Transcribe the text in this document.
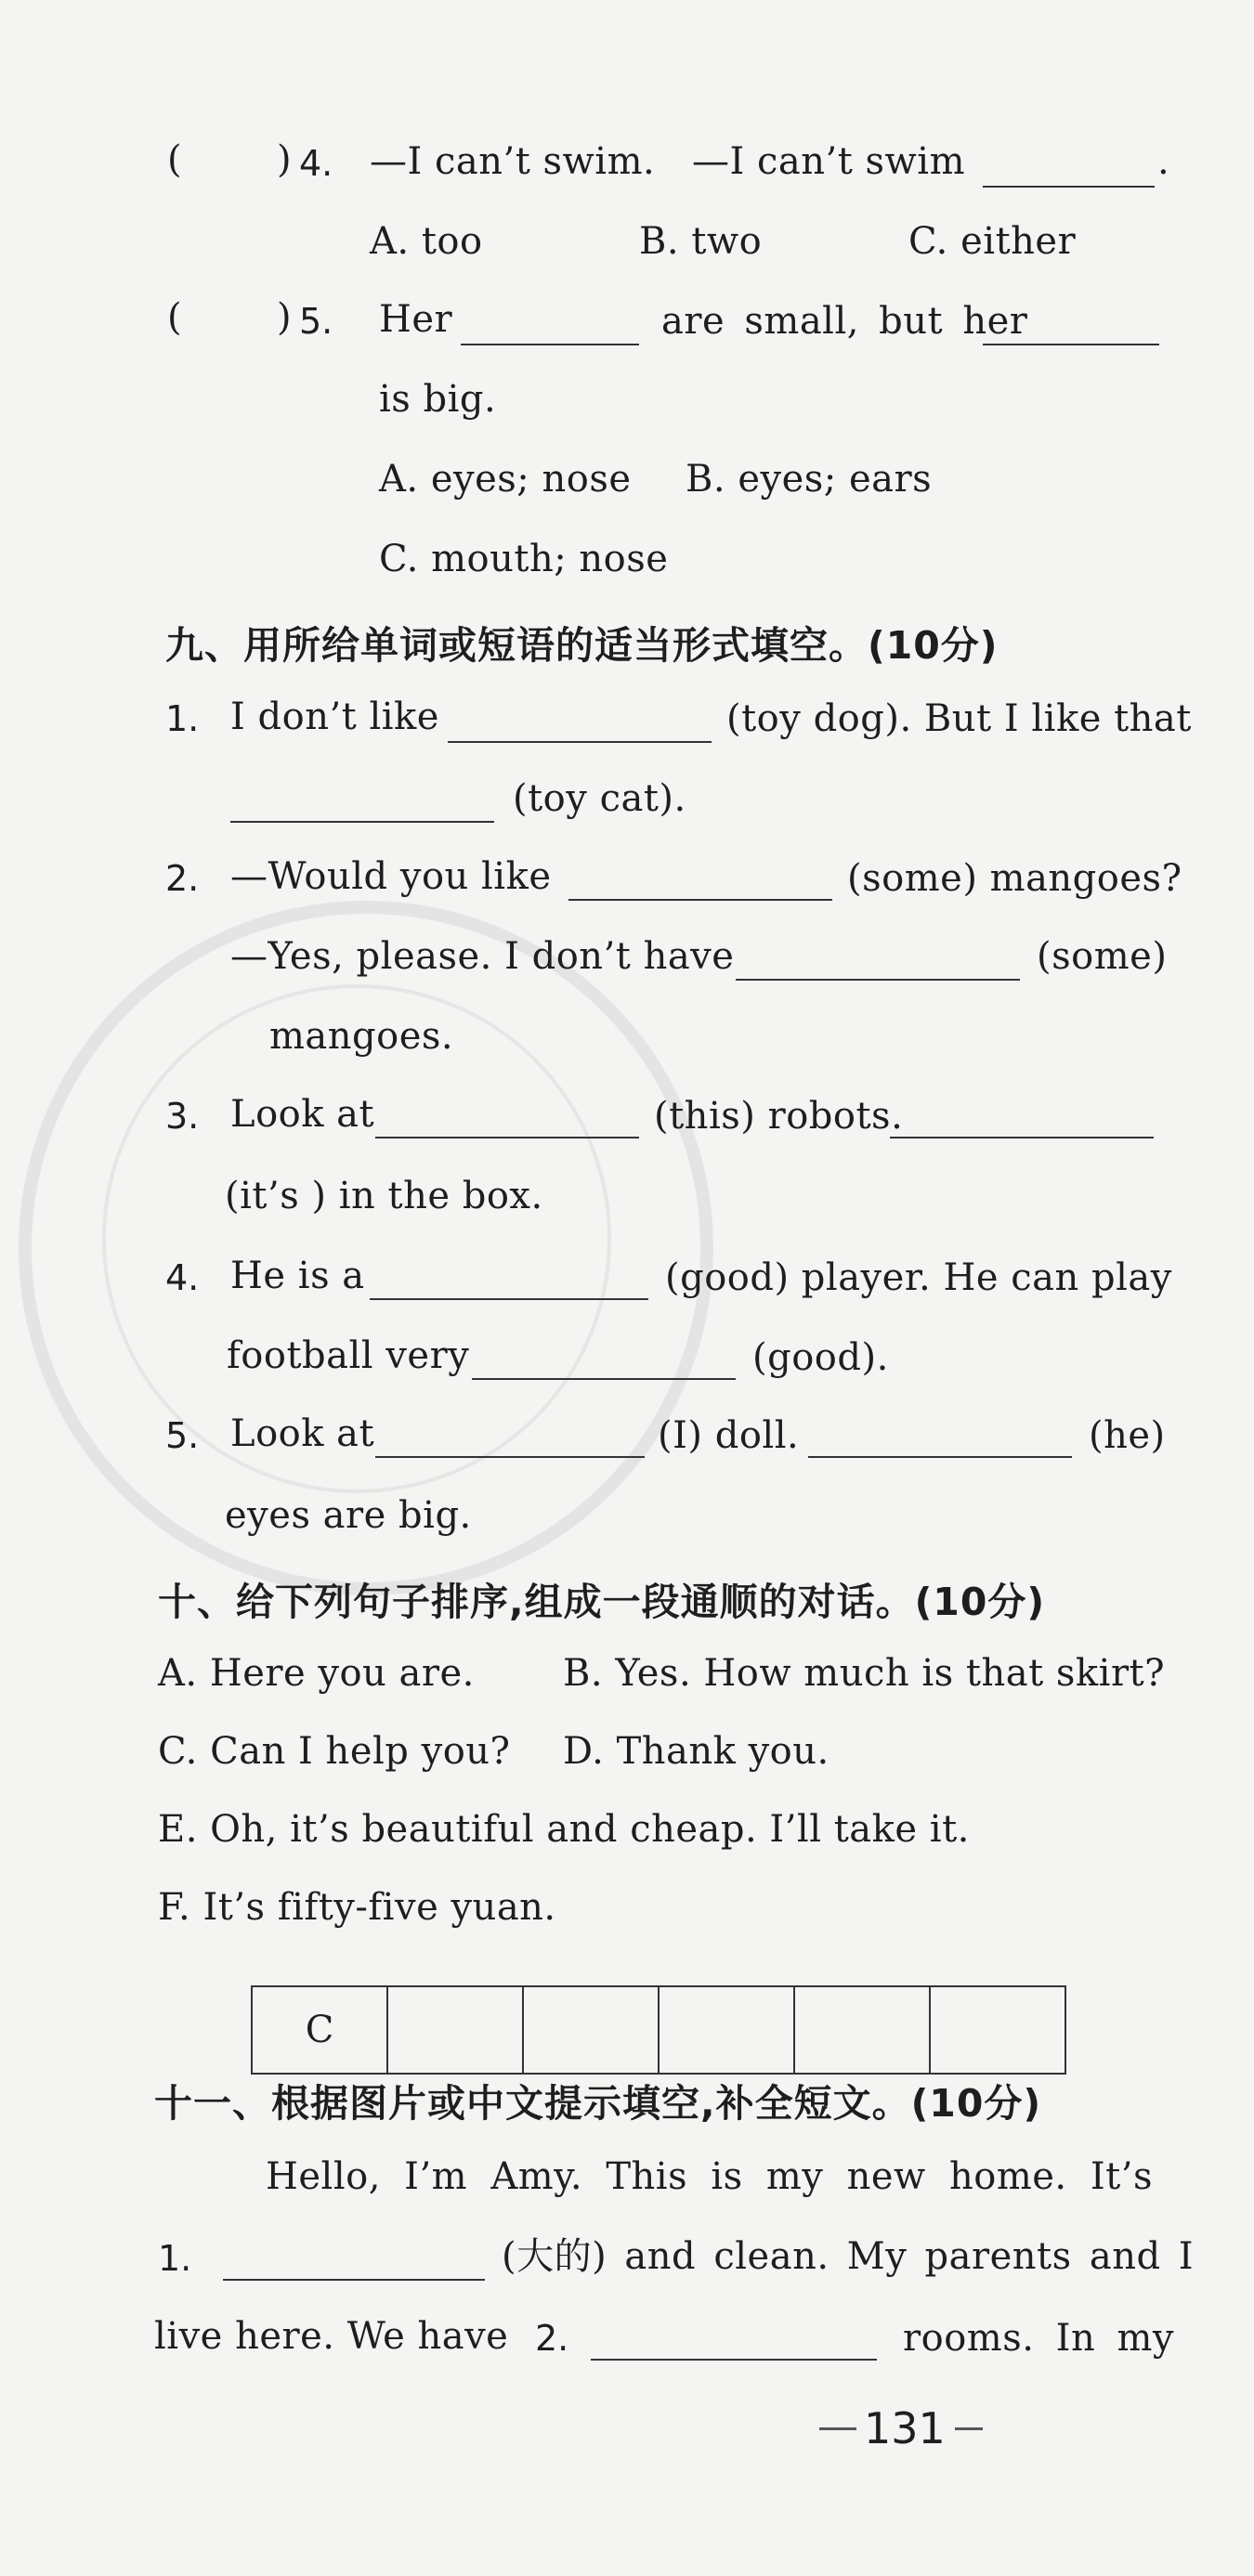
(	) 4. —I can’t swim. —I can’t swim	.
A. too	B. two	C. either
(	) 5. Her	are small, but her
is big.
A. eyes; nose B. eyes; ears
C. mouth; nose
九、用所给单词或短语的适当形式填空。(10分)
1. I don’t like	(toy dog). But I like that
(toy cat).
2. —Would you like	(some) mangoes?
—Yes, please. I don’t have	(some)
mangoes.
3. Look at	(this) robots.
(it’s ) in the box.
4. He is a	(good) player. He can play
football very	(good).
5. Look at	(I) doll.	(he)
eyes are big.
十、给下列句子排序,组成一段通顺的对话。(10分)
A. Here you are. B. Yes. How much is that skirt?
C. Can I help you? D. Thank you.
E. Oh, it’s beautiful and cheap. I’ll take it.
F. It’s fifty-five yuan.
C					
十一、根据图片或中文提示填空,补全短文。(10分)
Hello, I’m Amy. This is my new home. It’s
1.	(大的) and clean. My parents and I
live here. We have 2.	rooms. In my
131
